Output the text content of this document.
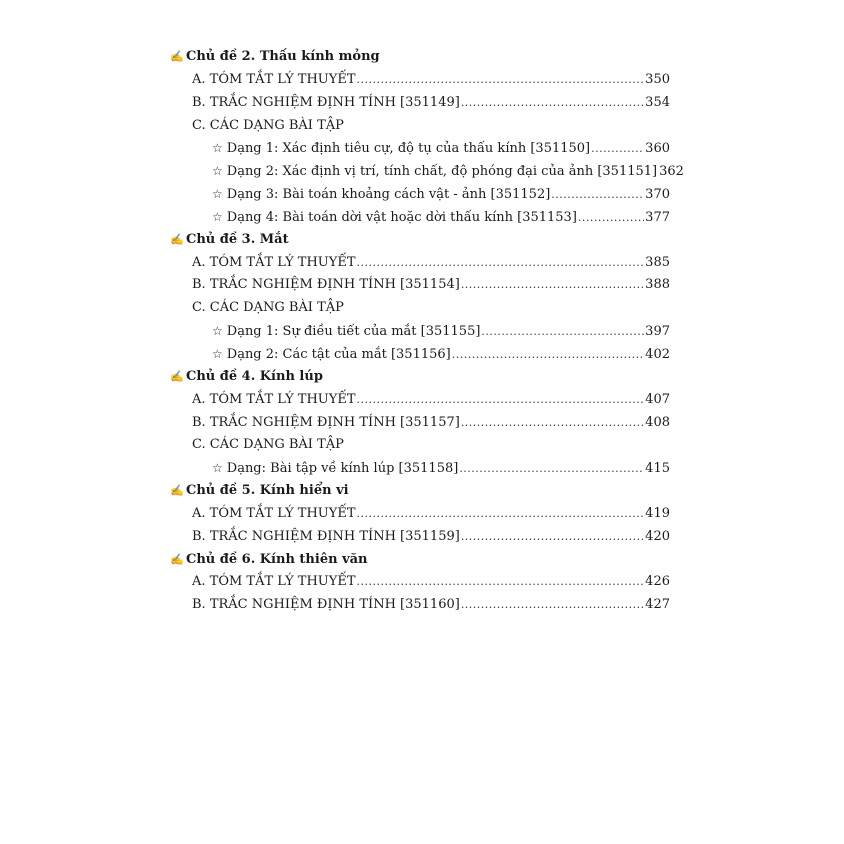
✍ Chủ đề 2. Thấu kính mỏng
A. TÓM TẮT LÝ THUYẾT .....	350
B. TRẮC NGHIỆM ĐỊNH TÍNH [351149] .....	354
C. CÁC DẠNG BÀI TẬP
☆ Dạng 1: Xác định tiêu cự, độ tụ của thấu kính [351150] .....	360
☆ Dạng 2: Xác định vị trí, tính chất, độ phóng đại của ảnh [351151] 362
☆ Dạng 3: Bài toán khoảng cách vật - ảnh [351152] .....	370
☆ Dạng 4: Bài toán dời vật hoặc dời thấu kính [351153] .....	377
✍ Chủ đề 3. Mắt
A. TÓM TẮT LÝ THUYẾT .....	385
B. TRẮC NGHIỆM ĐỊNH TÍNH [351154] .....	388
C. CÁC DẠNG BÀI TẬP
☆ Dạng 1: Sự điều tiết của mắt [351155] .....	397
☆ Dạng 2: Các tật của mắt [351156] .....	402
✍ Chủ đề 4. Kính lúp
A. TÓM TẮT LÝ THUYẾT .....	407
B. TRẮC NGHIỆM ĐỊNH TÍNH [351157] .....	408
C. CÁC DẠNG BÀI TẬP
☆ Dạng: Bài tập về kính lúp [351158] .....	415
✍ Chủ đề 5. Kính hiển vi
A. TÓM TẮT LÝ THUYẾT .....	419
B. TRẮC NGHIỆM ĐỊNH TÍNH [351159] .....	420
✍ Chủ đề 6. Kính thiên văn
A. TÓM TẮT LÝ THUYẾT .....	426
B. TRẮC NGHIỆM ĐỊNH TÍNH [351160] .....	427
